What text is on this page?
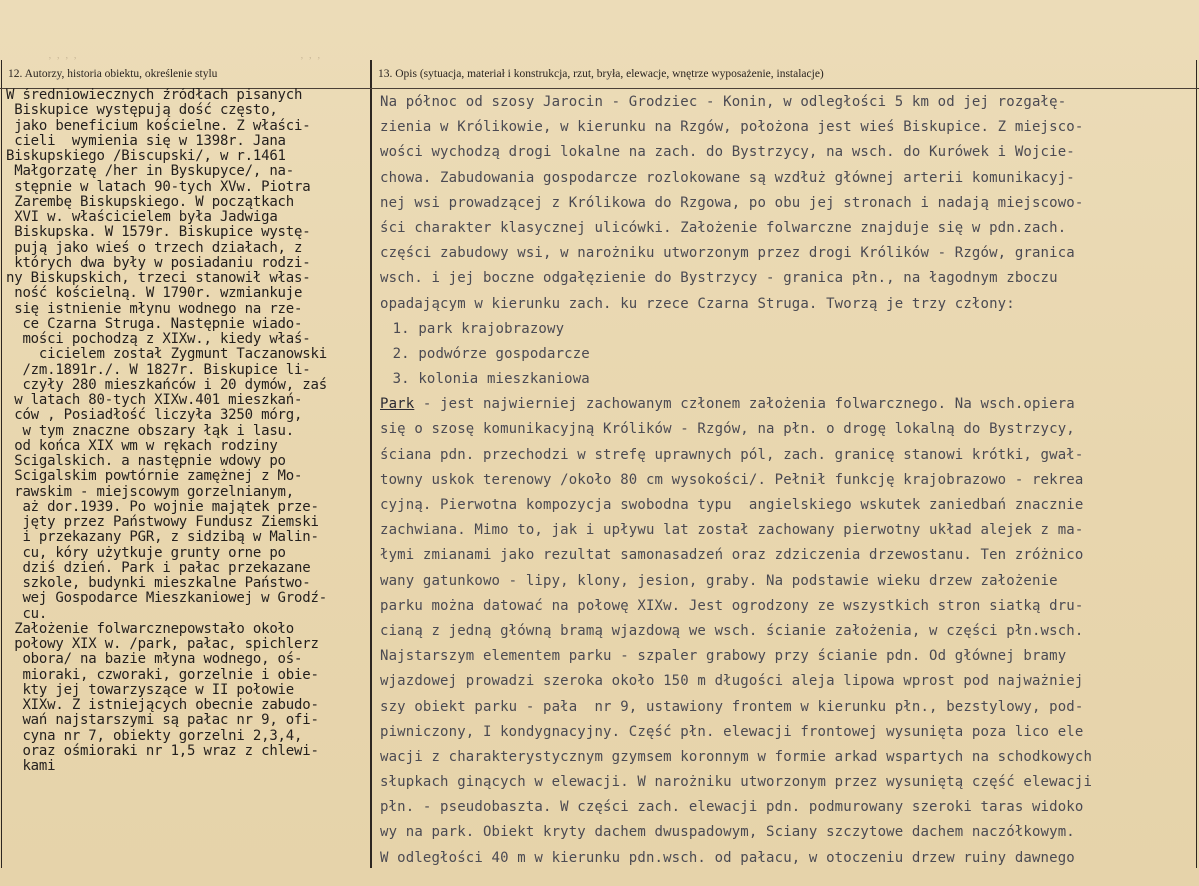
ʼ ʼ ʼ ʼ	ʼ ʼ ʼ
12. Autorzy, historia obiektu, określenie stylu	13. Opis (sytuacja, materiał i konstrukcja, rzut, bryła, elewacje, wnętrze wyposażenie, instalacje)
W średniowiecznych źródłach pisanych
Biskupice występują dość często,
jako beneficium kościelne. Z właści-
cieli  wymienia się w 1398r. Jana
Biskupskiego /Biscupski/, w r.1461
Małgorzatę /her in Byskupyce/, na-
stępnie w latach 90-tych XVw. Piotra
Zarembę Biskupskiego. W początkach
XVI w. właścicielem była Jadwiga
Biskupska. W 1579r. Biskupice wystę-
pują jako wieś o trzech działach, z
których dwa były w posiadaniu rodzi-
ny Biskupskich, trzeci stanowił włas-
ność kościelną. W 1790r. wzmiankuje
się istnienie młynu wodnego na rze-
ce Czarna Struga. Następnie wiado-
mości pochodzą z XIXw., kiedy właś-
cicielem został Zygmunt Taczanowski
/zm.1891r./. W 1827r. Biskupice li-
czyły 280 mieszkańców i 20 dymów, zaś
w latach 80-tych XIXw.401 mieszkań-
ców , Posiadłość liczyła 3250 mórg,
w tym znaczne obszary łąk i lasu.
od końca XIX wm w rękach rodziny
Scigalskich. a następnie wdowy po
Scigalskim powtórnie zamężnej z Mo-
rawskim - miejscowym gorzelnianym,
aż dor.1939. Po wojnie majątek prze-
jęty przez Państwowy Fundusz Ziemski
i przekazany PGR, z sidzibą w Malin-
cu, kóry użytkuje grunty orne po
dziś dzień. Park i pałac przekazane
szkole, budynki mieszkalne Państwo-
wej Gospodarce Mieszkaniowej w Grodź-
cu.
Założenie folwarcznepowstało około
połowy XIX w. /park, pałac, spichlerz
obora/ na bazie młyna wodnego, oś-
mioraki, czworaki, gorzelnie i obie-
kty jej towarzyszące w II połowie
XIXw. Z istniejących obecnie zabudo-
wań najstarszymi są pałac nr 9, ofi-
cyna nr 7, obiekty gorzelni 2,3,4,
oraz ośmioraki nr 1,5 wraz z chlewi-
kami
Na północ od szosy Jarocin - Grodziec - Konin, w odległości 5 km od jej rozgałę-
zienia w Królikowie, w kierunku na Rzgów, położona jest wieś Biskupice. Z miejsco-
wości wychodzą drogi lokalne na zach. do Bystrzycy, na wsch. do Kurówek i Wojcie-
chowa. Zabudowania gospodarcze rozlokowane są wzdłuż głównej arterii komunikacyj-
nej wsi prowadzącej z Królikowa do Rzgowa, po obu jej stronach i nadają miejscowo-
ści charakter klasycznej ulicówki. Założenie folwarczne znajduje się w pdn.zach.
części zabudowy wsi, w narożniku utworzonym przez drogi Królików - Rzgów, granica
wsch. i jej boczne odgałęzienie do Bystrzycy - granica płn., na łagodnym zboczu
opadającym w kierunku zach. ku rzece Czarna Struga. Tworzą je trzy człony:
1. park krajobrazowy
2. podwórze gospodarcze
3. kolonia mieszkaniowa
Park - jest najwierniej zachowanym członem założenia folwarcznego. Na wsch.opiera
się o szosę komunikacyjną Królików - Rzgów, na płn. o drogę lokalną do Bystrzycy,
ściana pdn. przechodzi w strefę uprawnych pól, zach. granicę stanowi krótki, gwał-
towny uskok terenowy /około 80 cm wysokości/. Pełnił funkcję krajobrazowo - rekrea
cyjną. Pierwotna kompozycja swobodna typu  angielskiego wskutek zaniedbań znacznie
zachwiana. Mimo to, jak i upływu lat został zachowany pierwotny układ alejek z ma-
łymi zmianami jako rezultat samonasadzeń oraz zdziczenia drzewostanu. Ten zróżnico
wany gatunkowo - lipy, klony, jesion, graby. Na podstawie wieku drzew założenie
parku można datować na połowę XIXw. Jest ogrodzony ze wszystkich stron siatką dru-
cianą z jedną główną bramą wjazdową we wsch. ścianie założenia, w części płn.wsch.
Najstarszym elementem parku - szpaler grabowy przy ścianie pdn. Od głównej bramy
wjazdowej prowadzi szeroka około 150 m długości aleja lipowa wprost pod najważniej
szy obiekt parku - pała  nr 9, ustawiony frontem w kierunku płn., bezstylowy, pod-
piwniczony, I kondygnacyjny. Część płn. elewacji frontowej wysunięta poza lico ele
wacji z charakterystycznym gzymsem koronnym w formie arkad wspartych na schodkowych
słupkach ginących w elewacji. W narożniku utworzonym przez wysuniętą część elewacji
płn. - pseudobaszta. W części zach. elewacji pdn. podmurowany szeroki taras widoko
wy na park. Obiekt kryty dachem dwuspadowym, Sciany szczytowe dachem naczółkowym.
W odległości 40 m w kierunku pdn.wsch. od pałacu, w otoczeniu drzew ruiny dawnego
